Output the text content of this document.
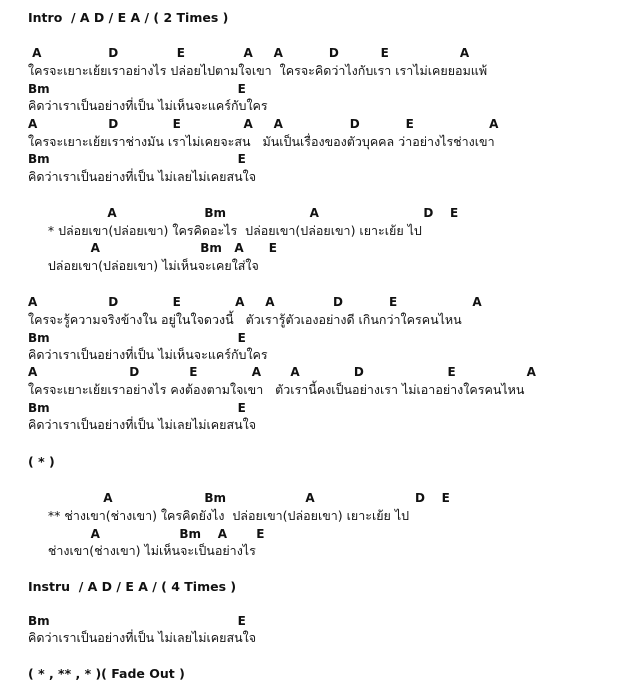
Intro  / A D / E A / ( 2 Times )
A                D              E              A     A           D          E                 A
ใครจะเยาะเย้ยเราอย่างไร ปล่อยไปตามใจเขา  ใครจะคิดว่าไงกับเรา เราไม่เคยยอมแพ้
Bm                                             E
คิดว่าเราเป็นอย่างที่เป็น ไม่เห็นจะแคร์กับใคร
A                 D             E               A     A                D           E                  A
ใครจะเยาะเย้ยเราช่างมัน เราไม่เคยจะสน   มันเป็นเรื่องของตัวบุคคล ว่าอย่างไรช่างเขา
Bm                                             E
คิดว่าเราเป็นอย่างที่เป็น ไม่เลยไม่เคยสนใจ
A                     Bm                    A                         D    E
* ปล่อยเขา(ปล่อยเขา) ใครคิดอะไร  ปล่อยเขา(ปล่อยเขา) เยาะเย้ย ไป
A                        Bm   A      E
ปล่อยเขา(ปล่อยเขา) ไม่เห็นจะเคยใส่ใจ
A                 D             E             A     A              D           E                  A
ใครจะรู้ความจริงข้างใน อยู่ในใจดวงนี้   ตัวเรารู้ตัวเองอย่างดี เกินกว่าใครคนไหน
Bm                                             E
คิดว่าเราเป็นอย่างที่เป็น ไม่เห็นจะแคร์กับใคร
A                      D            E             A       A             D                    E                 A
ใครจะเยาะเย้ยเราอย่างไร คงต้องตามใจเขา   ตัวเรานี้คงเป็นอย่างเรา ไม่เอาอย่างใครคนไหน
Bm                                             E
คิดว่าเราเป็นอย่างที่เป็น ไม่เลยไม่เคยสนใจ
( * )
A                      Bm                   A                        D    E
** ช่างเขา(ช่างเขา) ใครคิดยังไง  ปล่อยเขา(ปล่อยเขา) เยาะเย้ย ไป
A                   Bm    A       E
ช่างเขา(ช่างเขา) ไม่เห็นจะเป็นอย่างไร
Instru  / A D / E A / ( 4 Times )
Bm                                             E
คิดว่าเราเป็นอย่างที่เป็น ไม่เลยไม่เคยสนใจ
( * , ** , * )( Fade Out )
